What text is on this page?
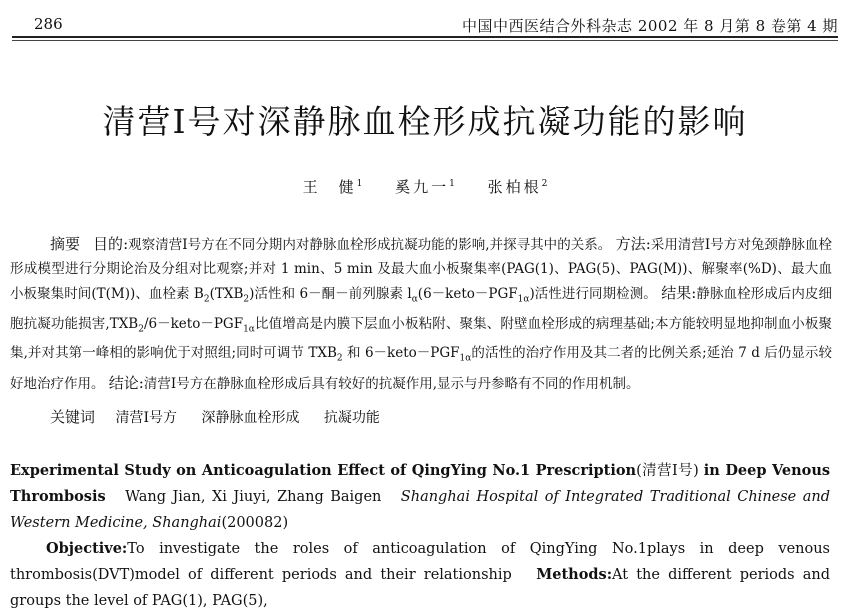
286	中国中西医结合外科杂志 2002 年 8 月第 8 卷第 4 期
清营Ⅰ号对深静脉血栓形成抗凝功能的影响
王　健$^1$ 奚九一$^1$ 张柏根$^2$

摘要 目的:观察清营Ⅰ号方在不同分期内对静脉血栓形成抗凝功能的影响,并探寻其中的关系。 方法:采用清营Ⅰ号方对兔颈静脉血栓形成模型进行分期论治及分组对比观察;并对 1 min、5 min 及最大血小板聚集率(PAG(1)、PAG(5)、PAG(M))、解聚率(%D)、最大血小板聚集时间(T(M))、血栓素 $B_2(TXB_2)$活性和 6－酮－前列腺素 $l_\alpha(6-keto-PGF_{1\alpha})$活性进行同期检测。 结果:静脉血栓形成后内皮细胞抗凝功能损害$,TXB_2/6-keto-PGF_{1\alpha}$比值增高是内膜下层血小板粘附、聚集、附壁血栓形成的病理基础;本方能较明显地抑制血小板聚集,并对其第一峰相的影响优于对照组;同时可调节 $TXB_2$ 和 $6-keto-PGF_{1\alpha}$的活性的治疗作用及其二者的比例关系;延治 7 d 后仍显示较好地治疗作用。 结论:清营Ⅰ号方在静脉血栓形成后具有较好的抗凝作用,显示与丹参略有不同的作用机制。

关键词 清营Ⅰ号方 深静脉血栓形成 抗凝功能

Experimental Study on Anticoagulation Effect of QingYing No.1 Prescription(清营Ⅰ号) in Deep Venous Thrombosis Wang Jian, Xi Jiuyi, Zhang Baigen Shanghai Hospital of Integrated Traditional Chinese and Western Medicine, Shanghai(200082)

Objective:To investigate the roles of anticoagulation of QingYing No.1plays in deep venous thrombosis(DVT)model of different periods and their relationship Methods:At the different periods and groups the level of PAG(1), PAG(5),
